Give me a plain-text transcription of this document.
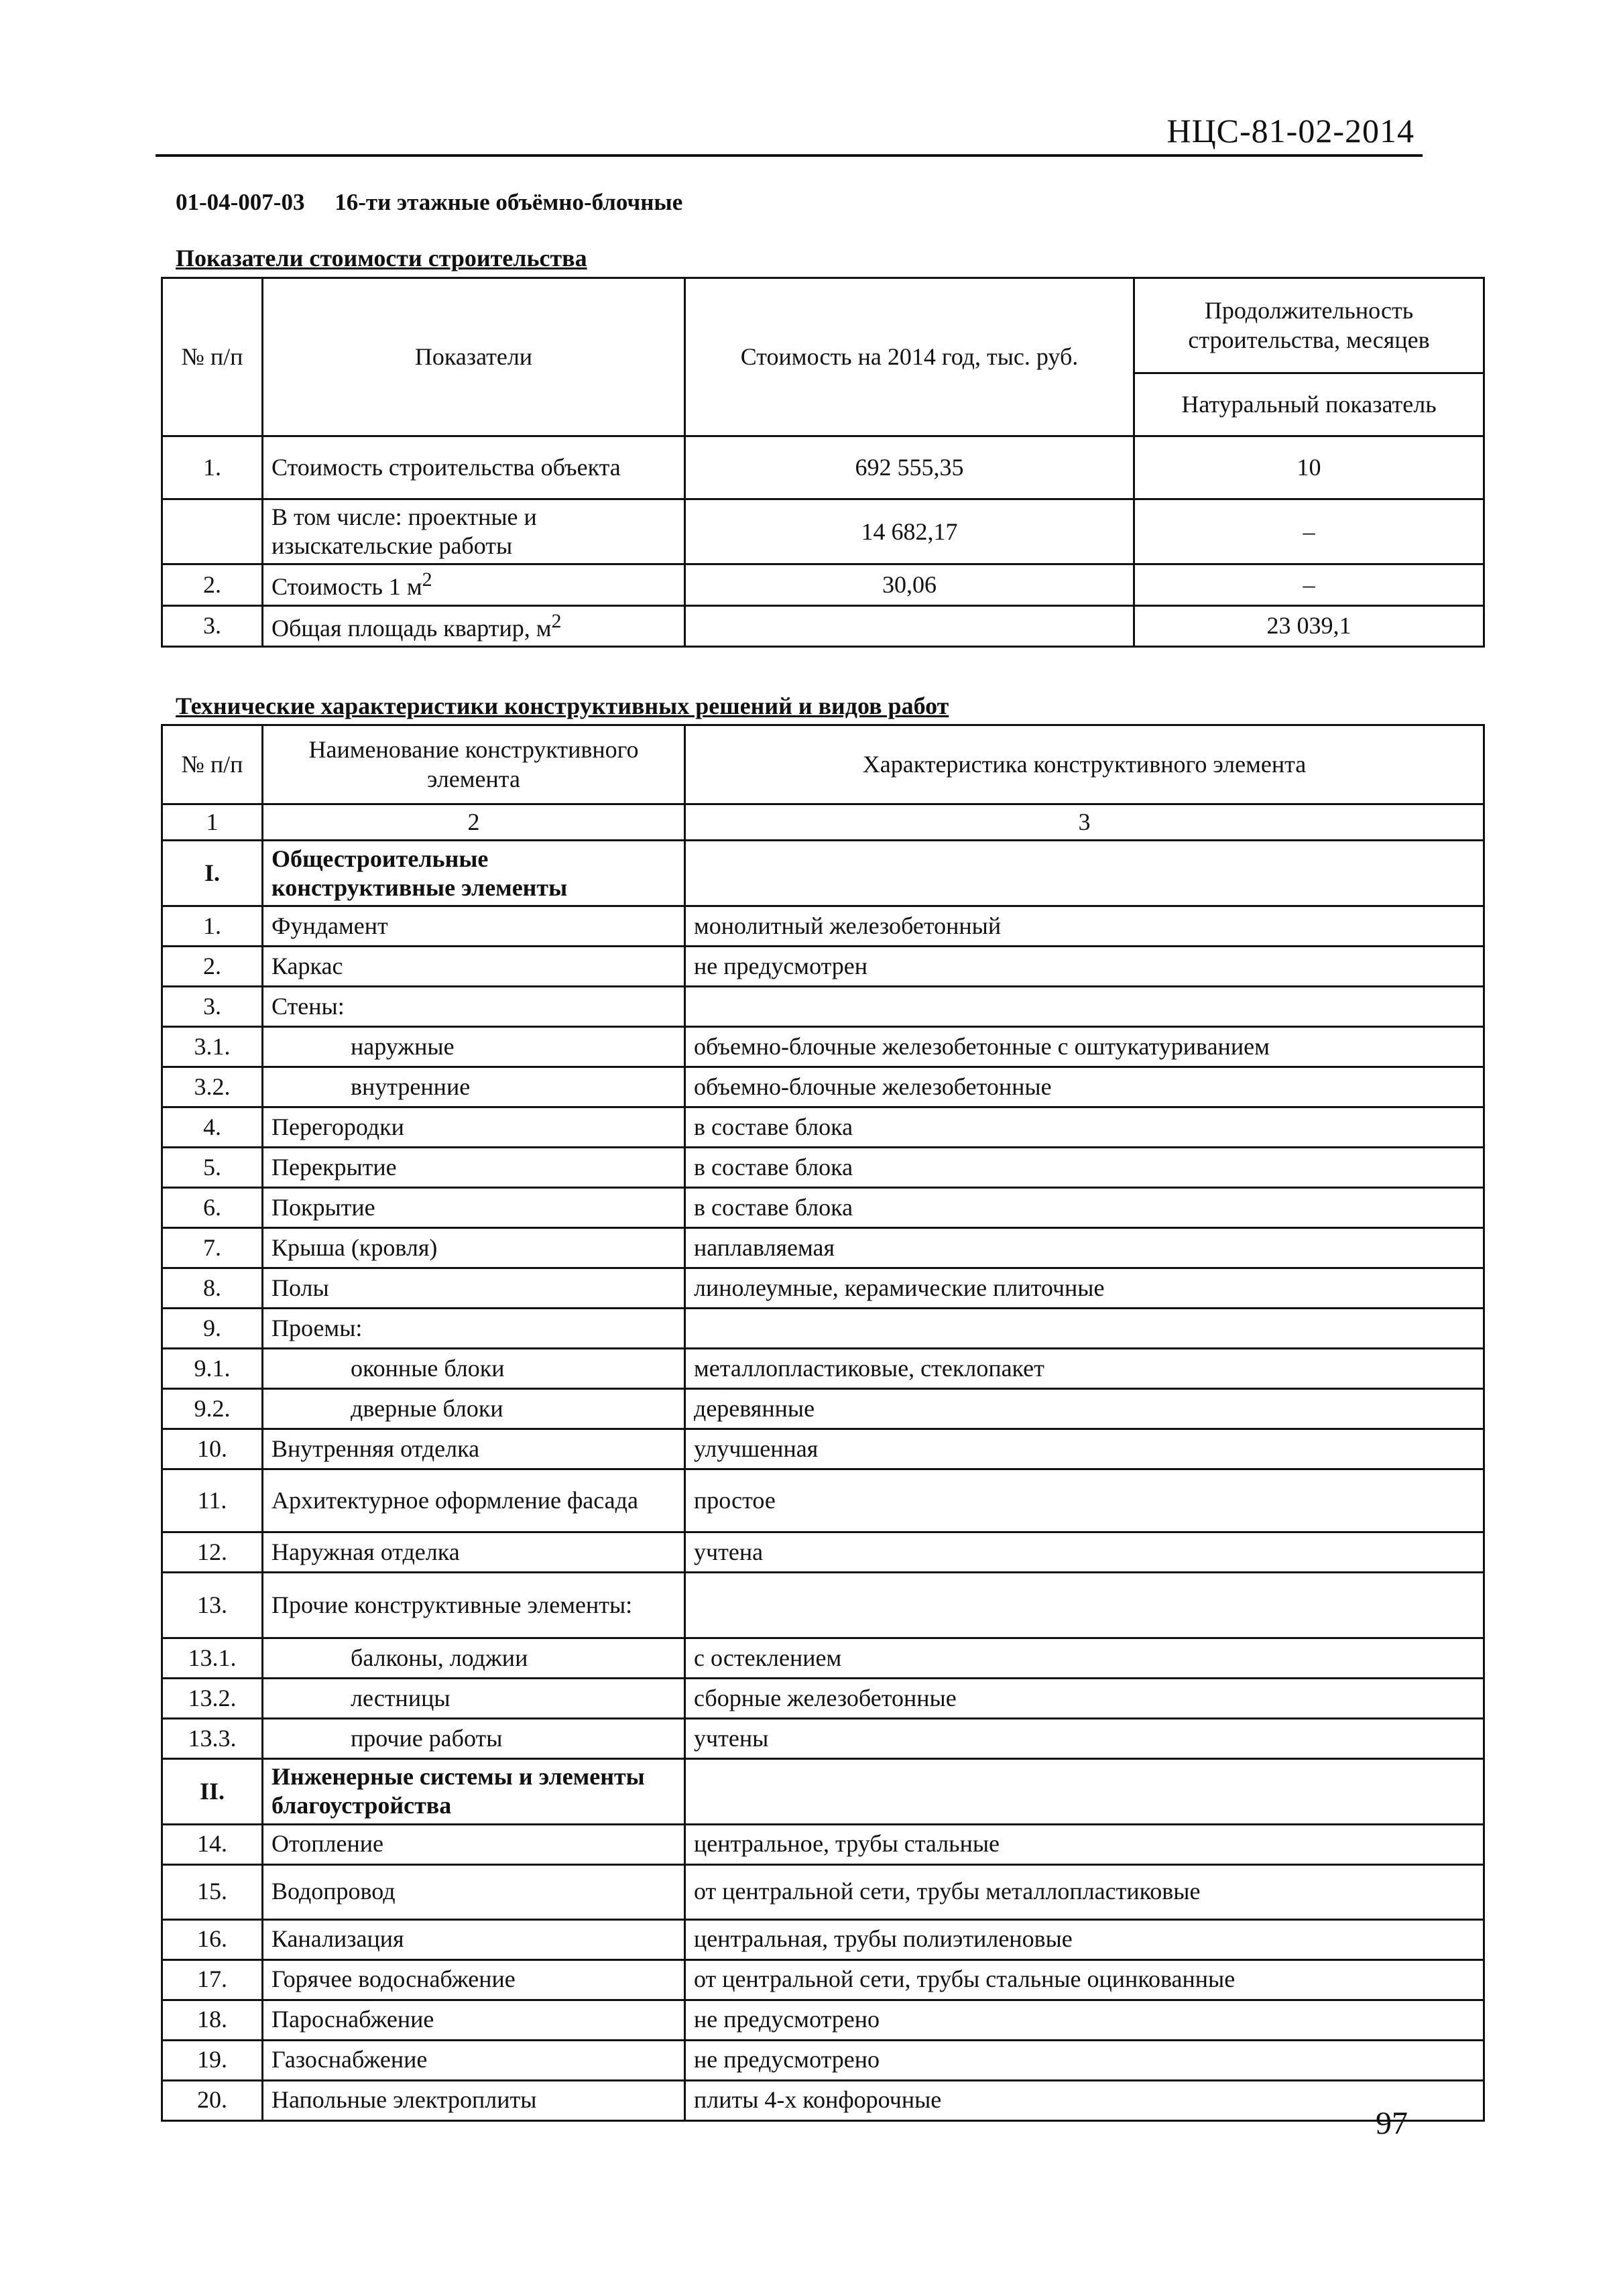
НЦС-81-02-2014
01-04-007-03 16-ти этажные объёмно-блочные
Показатели стоимости строительства
№ п/п	Показатели	Стоимость на 2014 год, тыс. руб.	Продолжительность строительства, месяцев
			Натуральный показатель
1.	Стоимость строительства объекта	692 555,35	10
	В том числе: проектные и изыскательские работы	14 682,17	–
2.	Стоимость 1 $м^2$	30,06	–
3.	Общая площадь квартир, $м^2$		23 039,1
Технические характеристики конструктивных решений и видов работ
№ п/п	Наименование конструктивного элемента	Характеристика конструктивного элемента
1	2	3
I.	Общестроительные конструктивные элементы	
1.	Фундамент	монолитный железобетонный
2.	Каркас	не предусмотрен
3.	Стены:	
3.1.	наружные	объемно-блочные железобетонные с оштукатуриванием
3.2.	внутренние	объемно-блочные железобетонные
4.	Перегородки	в составе блока
5.	Перекрытие	в составе блока
6.	Покрытие	в составе блока
7.	Крыша (кровля)	наплавляемая
8.	Полы	линолеумные, керамические плиточные
9.	Проемы:	
9.1.	оконные блоки	металлопластиковые, стеклопакет
9.2.	дверные блоки	деревянные
10.	Внутренняя отделка	улучшенная
11.	Архитектурное оформление фасада	простое
12.	Наружная отделка	учтена
13.	Прочие конструктивные элементы:	
13.1.	балконы, лоджии	с остеклением
13.2.	лестницы	сборные железобетонные
13.3.	прочие работы	учтены
II.	Инженерные системы и элементы благоустройства	
14.	Отопление	центральное, трубы стальные
15.	Водопровод	от центральной сети, трубы металлопластиковые
16.	Канализация	центральная, трубы полиэтиленовые
17.	Горячее водоснабжение	от центральной сети, трубы стальные оцинкованные
18.	Пароснабжение	не предусмотрено
19.	Газоснабжение	не предусмотрено
20.	Напольные электроплиты	плиты 4-х конфорочные
97
